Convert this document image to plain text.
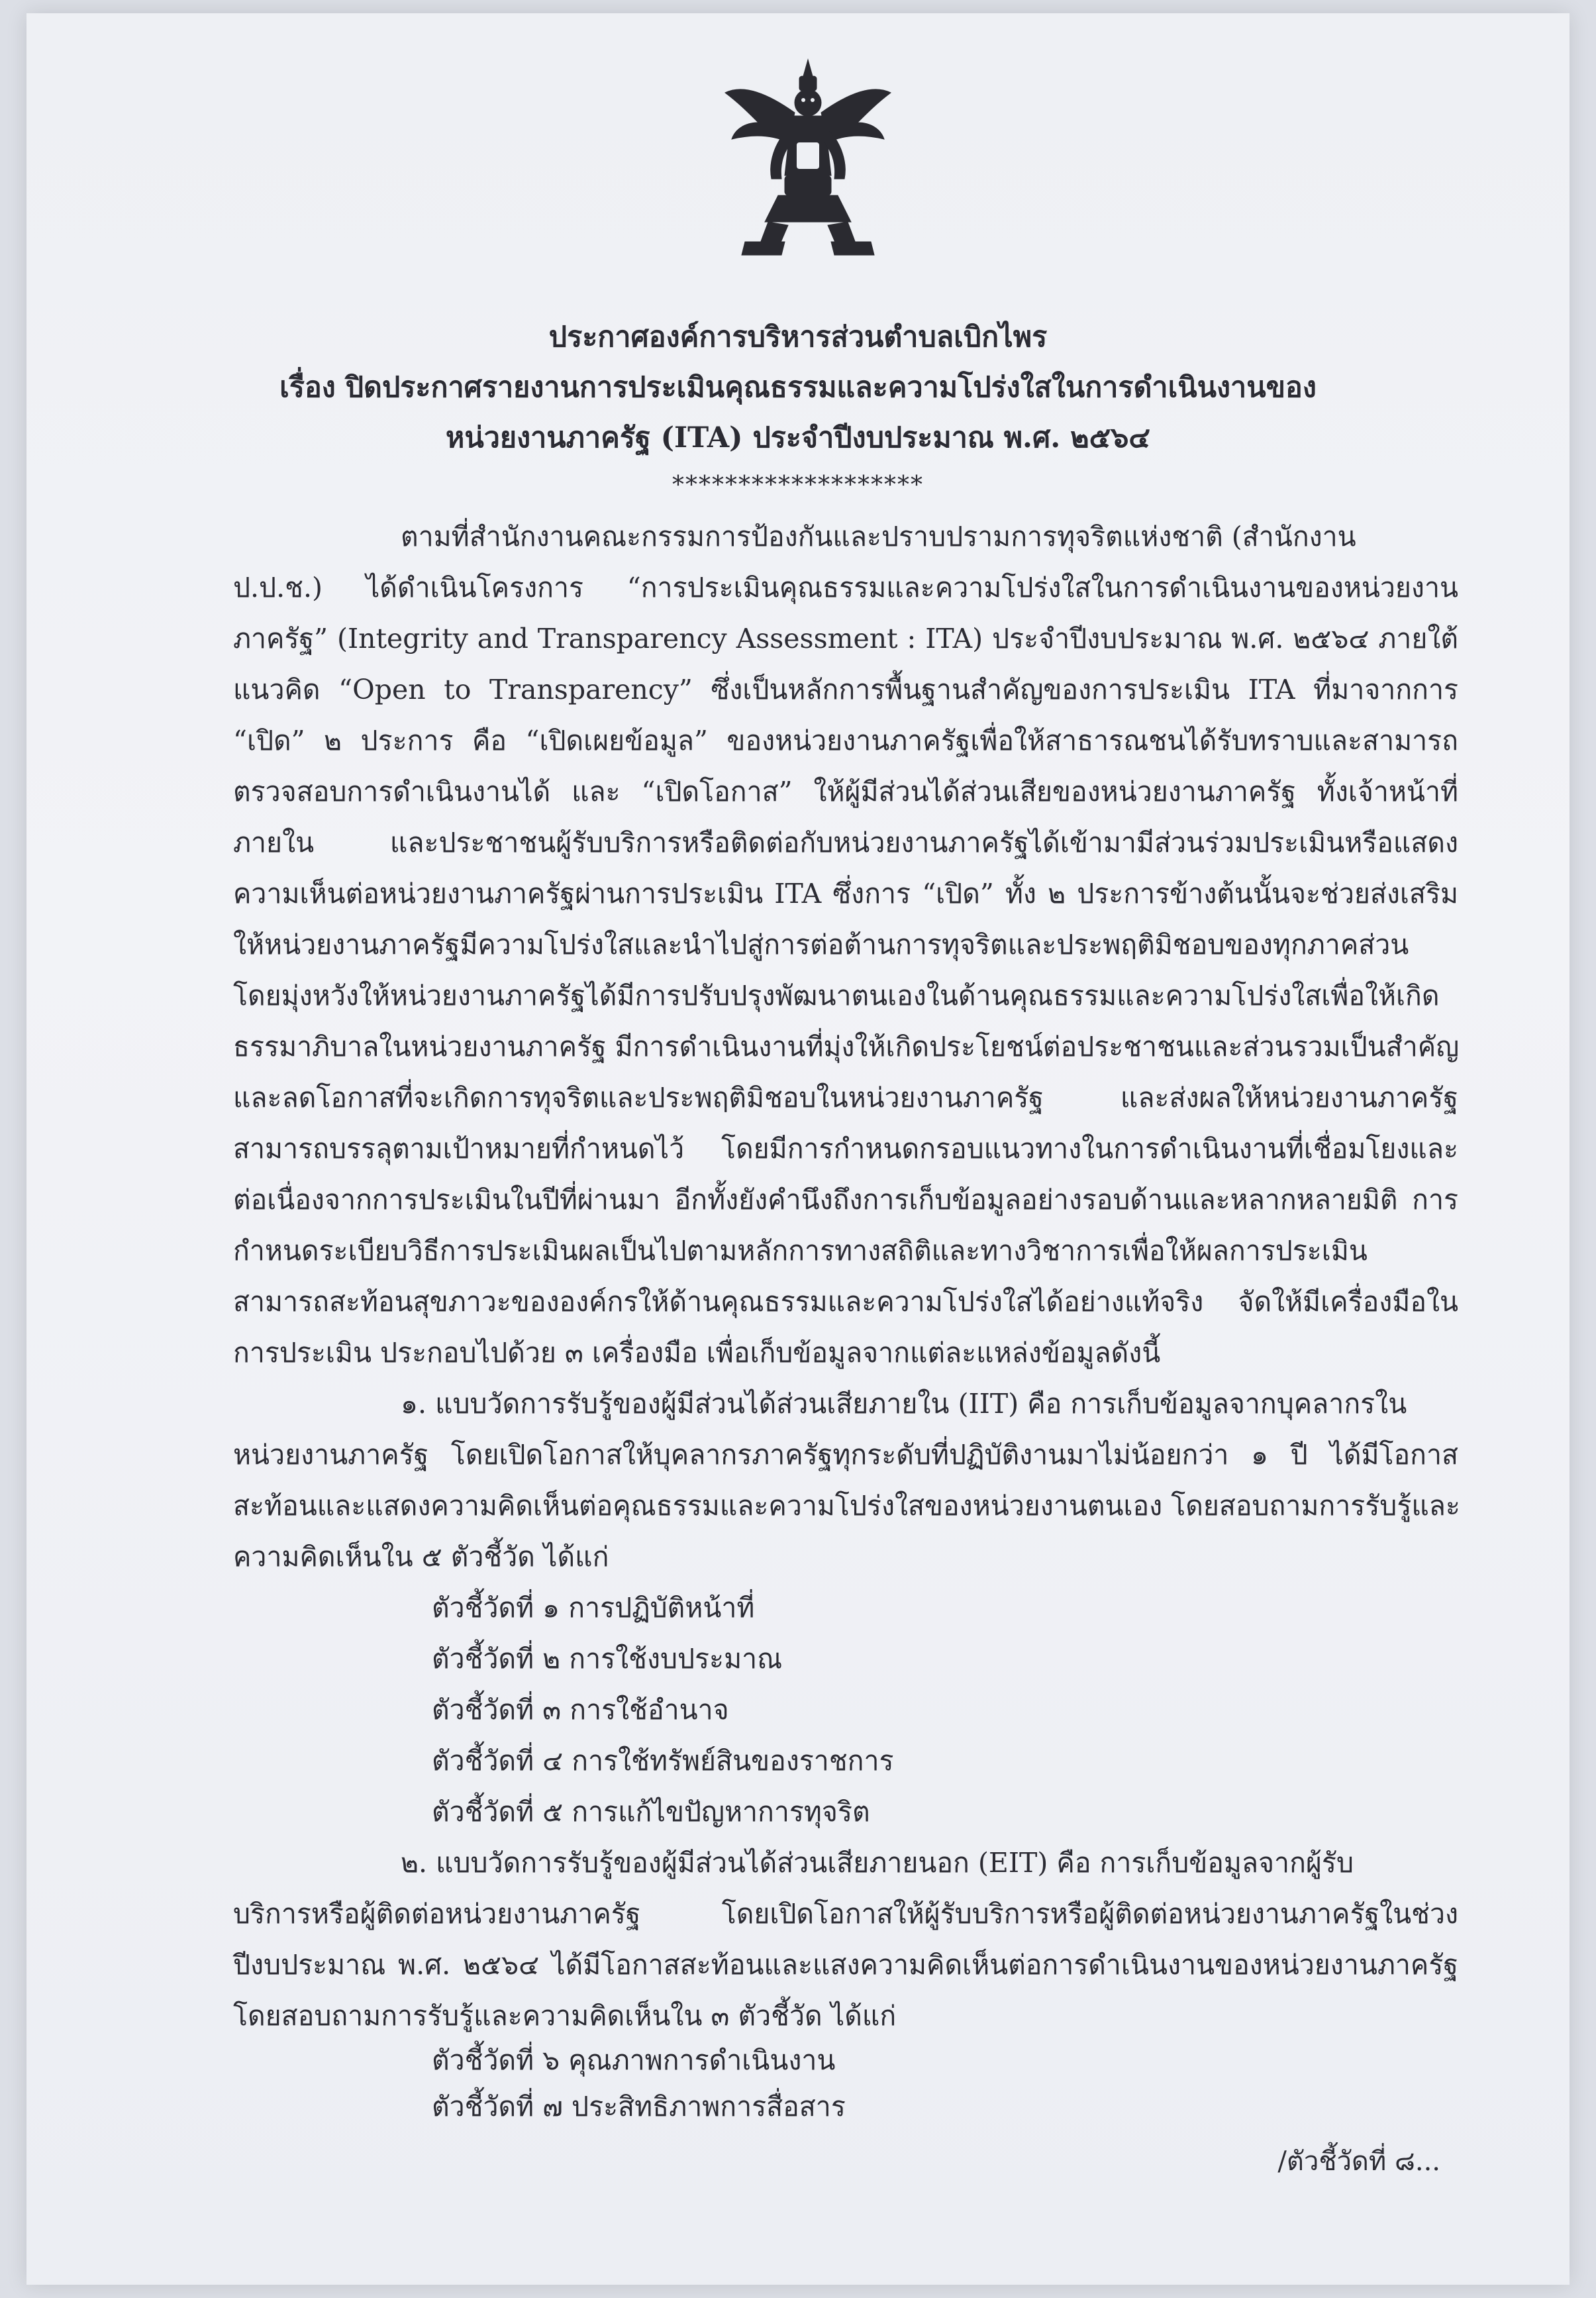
ประกาศองค์การบริหารส่วนตำบลเบิกไพร
เรื่อง ปิดประกาศรายงานการประเมินคุณธรรมและความโปร่งใสในการดำเนินงานของ
หน่วยงานภาครัฐ (ITA) ประจำปีงบประมาณ พ.ศ. ๒๕๖๔
*******************
ตามที่สำนักงานคณะกรรมการป้องกันและปราบปรามการทุจริตแห่งชาติ (สำนักงาน
ป.ป.ช.) ได้ดำเนินโครงการ “การประเมินคุณธรรมและความโปร่งใสในการดำเนินงานของหน่วยงาน
ภาครัฐ” (Integrity and Transparency Assessment : ITA) ประจำปีงบประมาณ พ.ศ. ๒๕๖๔ ภายใต้
แนวคิด “Open to Transparency” ซึ่งเป็นหลักการพื้นฐานสำคัญของการประเมิน ITA ที่มาจากการ
“เปิด” ๒ ประการ คือ “เปิดเผยข้อมูล” ของหน่วยงานภาครัฐเพื่อให้สาธารณชนได้รับทราบและสามารถ
ตรวจสอบการดำเนินงานได้ และ “เปิดโอกาส” ให้ผู้มีส่วนได้ส่วนเสียของหน่วยงานภาครัฐ ทั้งเจ้าหน้าที่
ภายใน และประชาชนผู้รับบริการหรือติดต่อกับหน่วยงานภาครัฐได้เข้ามามีส่วนร่วมประเมินหรือแสดง
ความเห็นต่อหน่วยงานภาครัฐผ่านการประเมิน ITA ซึ่งการ “เปิด” ทั้ง ๒ ประการข้างต้นนั้นจะช่วยส่งเสริม
ให้หน่วยงานภาครัฐมีความโปร่งใสและนำไปสู่การต่อต้านการทุจริตและประพฤติมิชอบของทุกภาคส่วน
โดยมุ่งหวังให้หน่วยงานภาครัฐได้มีการปรับปรุงพัฒนาตนเองในด้านคุณธรรมและความโปร่งใสเพื่อให้เกิด
ธรรมาภิบาลในหน่วยงานภาครัฐ มีการดำเนินงานที่มุ่งให้เกิดประโยชน์ต่อประชาชนและส่วนรวมเป็นสำคัญ
และลดโอกาสที่จะเกิดการทุจริตและประพฤติมิชอบในหน่วยงานภาครัฐ และส่งผลให้หน่วยงานภาครัฐ
สามารถบรรลุตามเป้าหมายที่กำหนดไว้ โดยมีการกำหนดกรอบแนวทางในการดำเนินงานที่เชื่อมโยงและ
ต่อเนื่องจากการประเมินในปีที่ผ่านมา อีกทั้งยังคำนึงถึงการเก็บข้อมูลอย่างรอบด้านและหลากหลายมิติ การ
กำหนดระเบียบวิธีการประเมินผลเป็นไปตามหลักการทางสถิติและทางวิชาการเพื่อให้ผลการประเมิน
สามารถสะท้อนสุขภาวะขององค์กรให้ด้านคุณธรรมและความโปร่งใสได้อย่างแท้จริง จัดให้มีเครื่องมือใน
การประเมิน ประกอบไปด้วย ๓ เครื่องมือ เพื่อเก็บข้อมูลจากแต่ละแหล่งข้อมูลดังนี้
๑. แบบวัดการรับรู้ของผู้มีส่วนได้ส่วนเสียภายใน (IIT) คือ การเก็บข้อมูลจากบุคลากรใน
หน่วยงานภาครัฐ โดยเปิดโอกาสให้บุคลากรภาครัฐทุกระดับที่ปฏิบัติงานมาไม่น้อยกว่า ๑ ปี ได้มีโอกาส
สะท้อนและแสดงความคิดเห็นต่อคุณธรรมและความโปร่งใสของหน่วยงานตนเอง โดยสอบถามการรับรู้และ
ความคิดเห็นใน ๕ ตัวชี้วัด ได้แก่
ตัวชี้วัดที่ ๑ การปฏิบัติหน้าที่
ตัวชี้วัดที่ ๒ การใช้งบประมาณ
ตัวชี้วัดที่ ๓ การใช้อำนาจ
ตัวชี้วัดที่ ๔ การใช้ทรัพย์สินของราชการ
ตัวชี้วัดที่ ๕ การแก้ไขปัญหาการทุจริต
๒. แบบวัดการรับรู้ของผู้มีส่วนได้ส่วนเสียภายนอก (EIT) คือ การเก็บข้อมูลจากผู้รับ
บริการหรือผู้ติดต่อหน่วยงานภาครัฐ โดยเปิดโอกาสให้ผู้รับบริการหรือผู้ติดต่อหน่วยงานภาครัฐในช่วง
ปีงบประมาณ พ.ศ. ๒๕๖๔ ได้มีโอกาสสะท้อนและแสงความคิดเห็นต่อการดำเนินงานของหน่วยงานภาครัฐ
โดยสอบถามการรับรู้และความคิดเห็นใน ๓ ตัวชี้วัด ได้แก่
ตัวชี้วัดที่ ๖ คุณภาพการดำเนินงาน
ตัวชี้วัดที่ ๗ ประสิทธิภาพการสื่อสาร
/ตัวชี้วัดที่ ๘...
